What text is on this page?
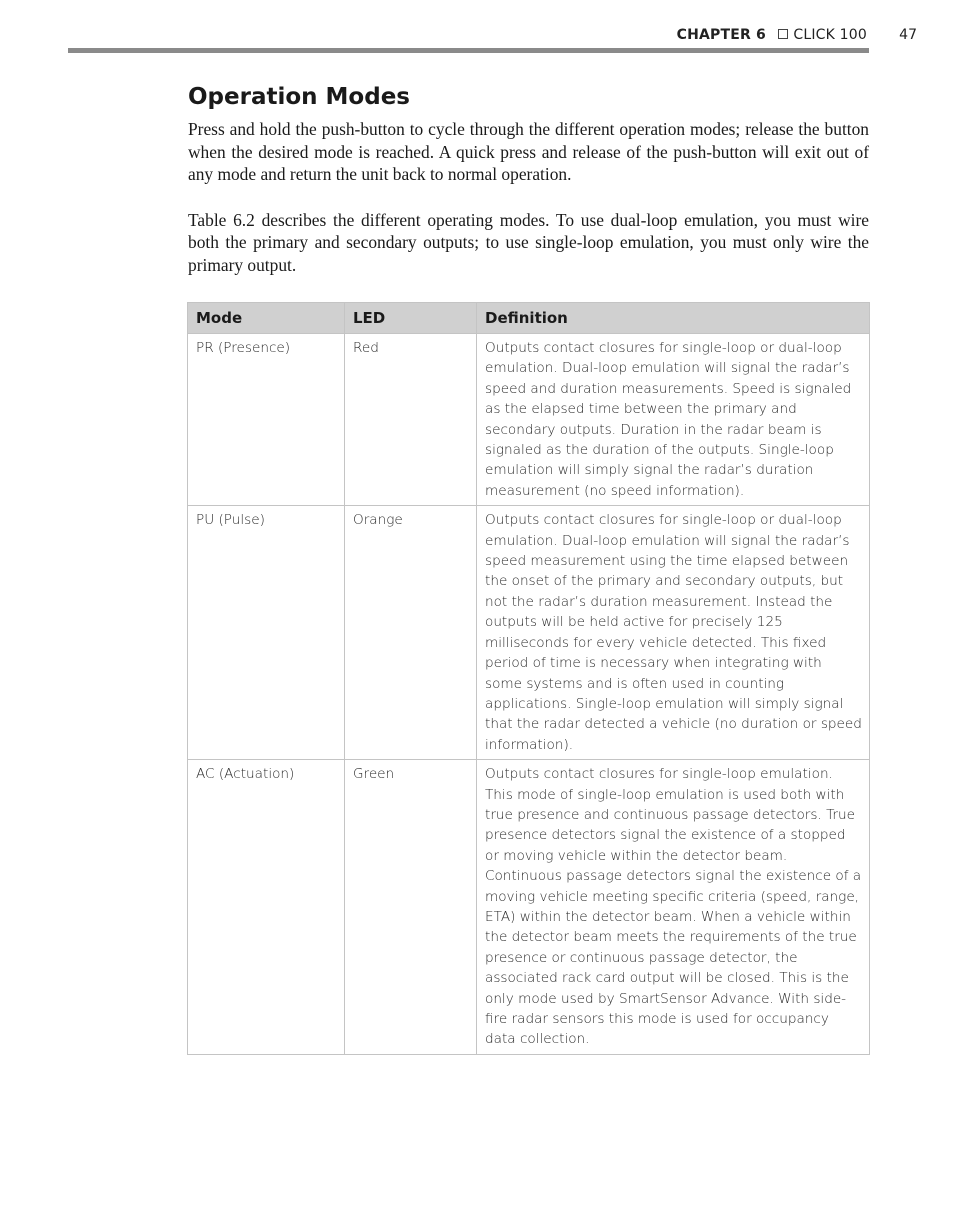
CHAPTER 6 CLICK 100 47
Operation Modes

Press and hold the push-button to cycle through the different operation modes; release the button when the desired mode is reached. A quick press and release of the push-button will exit out of any mode and return the unit back to normal operation.

Table 6.2 describes the different operating modes. To use dual-loop emulation, you must wire both the primary and secondary outputs; to use single-loop emulation, you must only wire the primary output.

Mode	LED	Definition
PR (Presence)	Red	Outputs contact closures for single-loop or dual-loop emulation. Dual-loop emulation will signal the radar’s speed and duration measurements. Speed is signaled as the elapsed time between the primary and secondary outputs. Duration in the radar beam is signaled as the duration of the outputs. Single-loop emulation will simply signal the radar’s duration measurement (no speed information).
PU (Pulse)	Orange	Outputs contact closures for single-loop or dual-loop emulation. Dual-loop emulation will signal the radar’s speed measurement using the time elapsed between the onset of the primary and secondary outputs, but not the radar’s duration measurement. Instead the outputs will be held active for precisely 125 milliseconds for every vehicle detected. This fixed period of time is necessary when integrating with some systems and is often used in counting applications. Single-loop emulation will simply signal that the radar detected a vehicle (no duration or speed information).
AC (Actuation)	Green	Outputs contact closures for single-loop emulation. This mode of single-loop emulation is used both with true presence and continuous passage detectors. True presence detectors signal the existence of a stopped or moving vehicle within the detector beam. Continuous passage detectors signal the existence of a moving vehicle meeting specific criteria (speed, range, ETA) within the detector beam. When a vehicle within the detector beam meets the requirements of the true presence or continuous passage detector, the associated rack card output will be closed. This is the only mode used by SmartSensor Advance. With side-fire radar sensors this mode is used for occupancy data collection.
